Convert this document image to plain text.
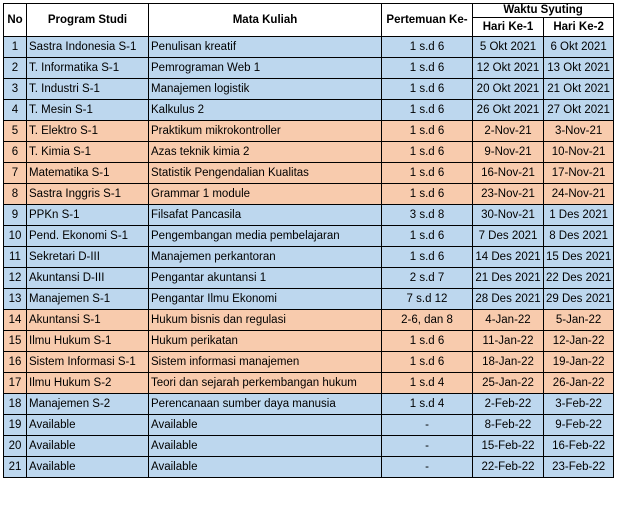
No	Program Studi	Mata Kuliah	Pertemuan Ke-	Waktu Syuting	
				Hari Ke-1	Hari Ke-2
1	Sastra Indonesia S-1	Penulisan kreatif	1 s.d 6	5 Okt 2021	6 Okt 2021
2	T. Informatika S-1	Pemrograman Web 1	1 s.d 6	12 Okt 2021	13 Okt 2021
3	T. Industri S-1	Manajemen logistik	1 s.d 6	20 Okt 2021	21 Okt 2021
4	T. Mesin S-1	Kalkulus 2	1 s.d 6	26 Okt 2021	27 Okt 2021
5	T. Elektro S-1	Praktikum mikrokontroller	1 s.d 6	2-Nov-21	3-Nov-21
6	T. Kimia S-1	Azas teknik kimia 2	1 s.d 6	9-Nov-21	10-Nov-21
7	Matematika S-1	Statistik Pengendalian Kualitas	1 s.d 6	16-Nov-21	17-Nov-21
8	Sastra Inggris S-1	Grammar 1 module	1 s.d 6	23-Nov-21	24-Nov-21
9	PPKn S-1	Filsafat Pancasila	3 s.d 8	30-Nov-21	1 Des 2021
10	Pend. Ekonomi S-1	Pengembangan media pembelajaran	1 s.d 6	7 Des 2021	8 Des 2021
11	Sekretari D-III	Manajemen perkantoran	1 s.d 6	14 Des 2021	15 Des 2021
12	Akuntansi D-III	Pengantar akuntansi 1	2 s.d 7	21 Des 2021	22 Des 2021
13	Manajemen S-1	Pengantar Ilmu Ekonomi	7 s.d 12	28 Des 2021	29 Des 2021
14	Akuntansi S-1	Hukum bisnis dan regulasi	2-6, dan 8	4-Jan-22	5-Jan-22
15	Ilmu Hukum S-1	Hukum perikatan	1 s.d 6	11-Jan-22	12-Jan-22
16	Sistem Informasi S-1	Sistem informasi manajemen	1 s.d 6	18-Jan-22	19-Jan-22
17	Ilmu Hukum S-2	Teori dan sejarah perkembangan hukum	1 s.d 4	25-Jan-22	26-Jan-22
18	Manajemen S-2	Perencanaan sumber daya manusia	1 s.d 4	2-Feb-22	3-Feb-22
19	Available	Available	-	8-Feb-22	9-Feb-22
20	Available	Available	-	15-Feb-22	16-Feb-22
21	Available	Available	-	22-Feb-22	23-Feb-22
